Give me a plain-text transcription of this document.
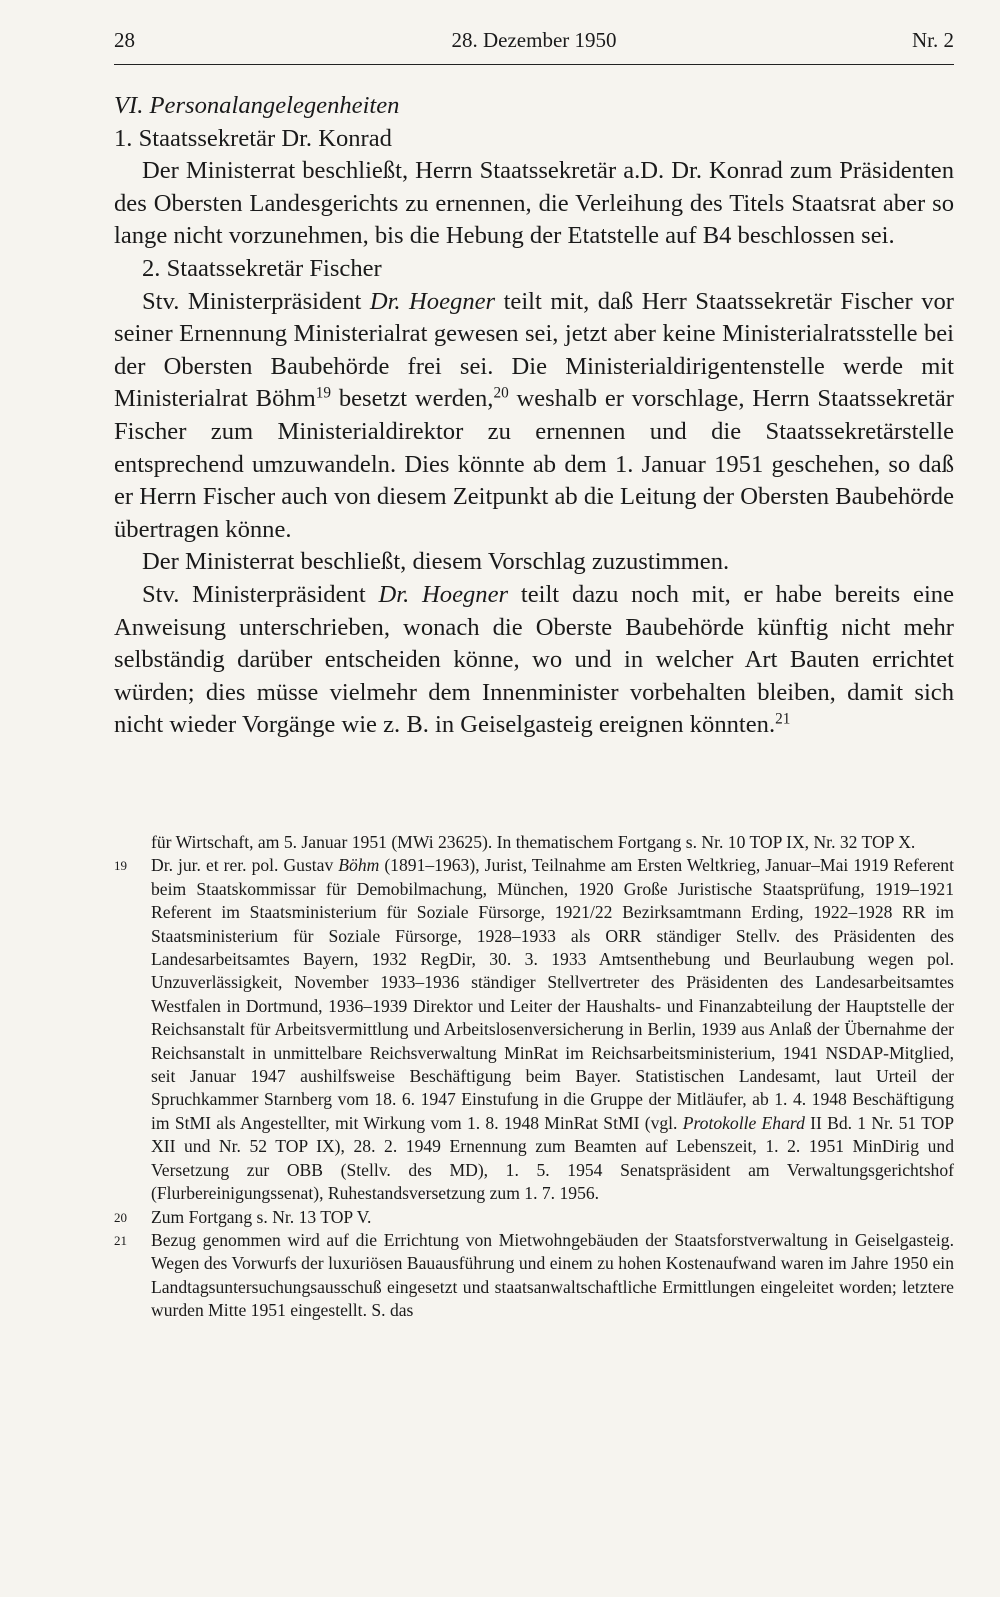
28	28. Dezember 1950	Nr. 2

VI. Personalangelegenheiten

1. Staatssekretär Dr. Konrad

Der Ministerrat beschließt, Herrn Staatssekretär a.D. Dr. Konrad zum Präsidenten des Obersten Landesgerichts zu ernennen, die Verleihung des Titels Staatsrat aber so lange nicht vorzunehmen, bis die Hebung der Etatstelle auf B4 beschlossen sei.

2. Staatssekretär Fischer

Stv. Ministerpräsident Dr. Hoegner teilt mit, daß Herr Staatssekretär Fischer vor seiner Ernennung Ministerialrat gewesen sei, jetzt aber keine Ministerialratsstelle bei der Obersten Baubehörde frei sei. Die Ministerialdirigentenstelle werde mit Ministerialrat Böhm$^{19}$ besetzt werden,$^{20}$ weshalb er vorschlage, Herrn Staatssekretär Fischer zum Ministerialdirektor zu ernennen und die Staatssekretärstelle entsprechend umzuwandeln. Dies könnte ab dem 1. Januar 1951 geschehen, so daß er Herrn Fischer auch von diesem Zeitpunkt ab die Leitung der Obersten Baubehörde übertragen könne.

Der Ministerrat beschließt, diesem Vorschlag zuzustimmen.

Stv. Ministerpräsident Dr. Hoegner teilt dazu noch mit, er habe bereits eine Anweisung unterschrieben, wonach die Oberste Baubehörde künftig nicht mehr selbständig darüber entscheiden könne, wo und in welcher Art Bauten errichtet würden; dies müsse vielmehr dem Innenminister vorbehalten bleiben, damit sich nicht wieder Vorgänge wie z. B. in Geiselgasteig ereignen könnten.$^{21}$

für Wirtschaft, am 5. Januar 1951 (MWi 23625). In thematischem Fortgang s. Nr. 10 TOP IX, Nr. 32 TOP X.

19 Dr. jur. et rer. pol. Gustav Böhm (1891–1963), Jurist, Teilnahme am Ersten Weltkrieg, Januar–Mai 1919 Referent beim Staatskommissar für Demobilmachung, München, 1920 Große Juristische Staatsprüfung, 1919–1921 Referent im Staatsministerium für Soziale Fürsorge, 1921/22 Bezirksamtmann Erding, 1922–1928 RR im Staatsministerium für Soziale Fürsorge, 1928–1933 als ORR ständiger Stellv. des Präsidenten des Landesarbeitsamtes Bayern, 1932 RegDir, 30. 3. 1933 Amtsenthebung und Beurlaubung wegen pol. Unzuverlässigkeit, November 1933–1936 ständiger Stellvertreter des Präsidenten des Landesarbeitsamtes Westfalen in Dortmund, 1936–1939 Direktor und Leiter der Haushalts- und Finanzabteilung der Hauptstelle der Reichsanstalt für Arbeitsvermittlung und Arbeitslosenversicherung in Berlin, 1939 aus Anlaß der Übernahme der Reichsanstalt in unmittelbare Reichsverwaltung MinRat im Reichsarbeitsministerium, 1941 NSDAP-Mitglied, seit Januar 1947 aushilfsweise Beschäftigung beim Bayer. Statistischen Landesamt, laut Urteil der Spruchkammer Starnberg vom 18. 6. 1947 Einstufung in die Gruppe der Mitläufer, ab 1. 4. 1948 Beschäftigung im StMI als Angestellter, mit Wirkung vom 1. 8. 1948 MinRat StMI (vgl. Protokolle Ehard II Bd. 1 Nr. 51 TOP XII und Nr. 52 TOP IX), 28. 2. 1949 Ernennung zum Beamten auf Lebenszeit, 1. 2. 1951 MinDirig und Versetzung zur OBB (Stellv. des MD), 1. 5. 1954 Senatspräsident am Verwaltungsgerichtshof (Flurbereinigungssenat), Ruhestandsversetzung zum 1. 7. 1956.

20 Zum Fortgang s. Nr. 13 TOP V.

21 Bezug genommen wird auf die Errichtung von Mietwohngebäuden der Staatsforstverwaltung in Geiselgasteig. Wegen des Vorwurfs der luxuriösen Bauausführung und einem zu hohen Kostenaufwand waren im Jahre 1950 ein Landtagsuntersuchungsausschuß eingesetzt und staatsanwaltschaftliche Ermittlungen eingeleitet worden; letztere wurden Mitte 1951 eingestellt. S. das
